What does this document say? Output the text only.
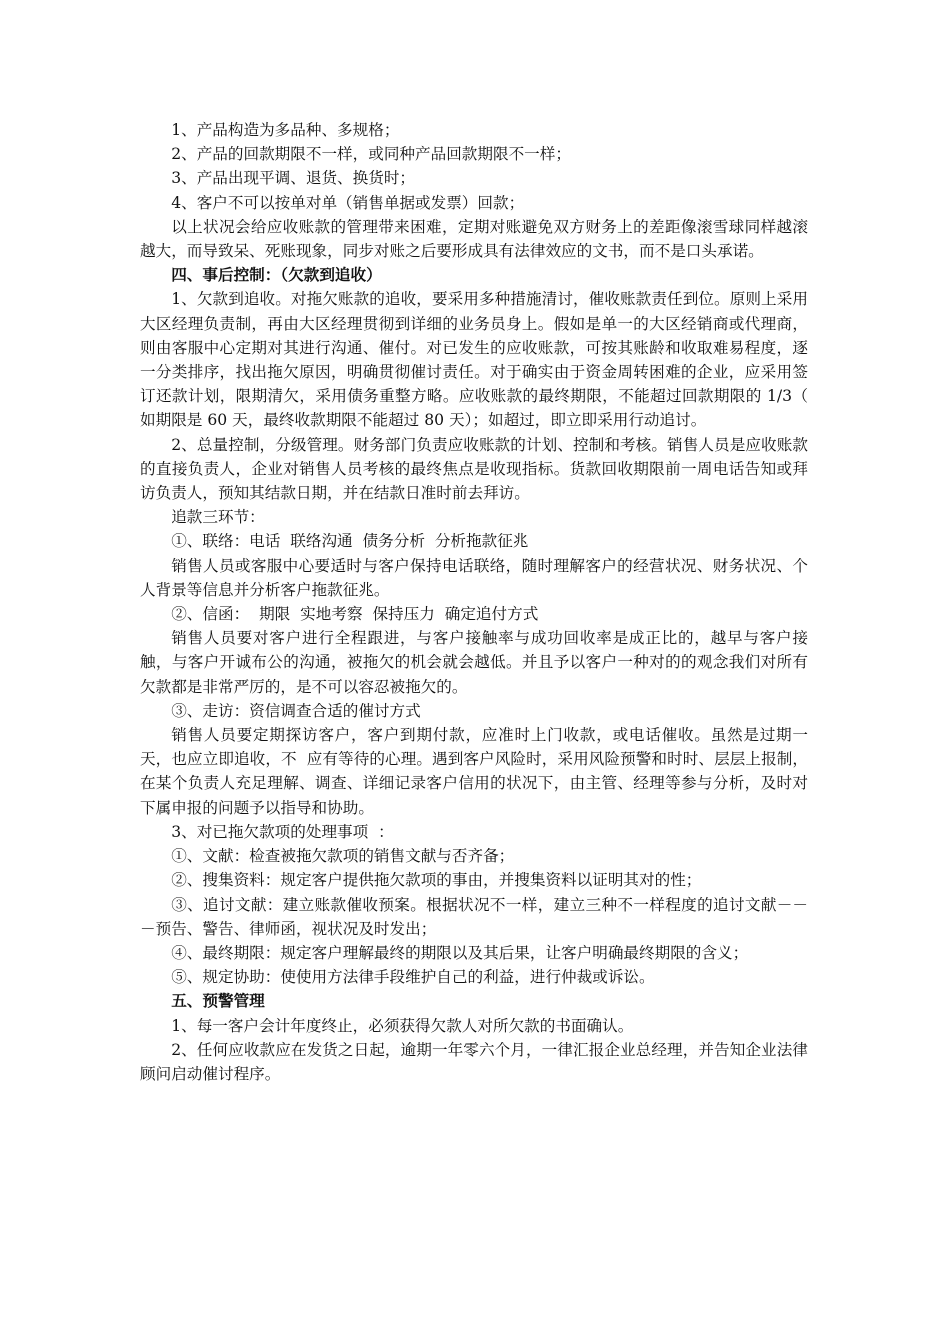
1、产品构造为多品种、多规格；

2、产品的回款期限不一样，或同种产品回款期限不一样；

3、产品出现平调、退货、换货时；

4、客户不可以按单对单（销售单据或发票）回款；

以上状况会给应收账款的管理带来困难，定期对账避免双方财务上的差距像滚雪球同样越滚越大，而导致呆、死账现象，同步对账之后要形成具有法律效应的文书，而不是口头承诺。

四、事后控制：（欠款到追收）

1、欠款到追收。对拖欠账款的追收，要采用多种措施清讨，催收账款责任到位。原则上采用大区经理负责制，再由大区经理贯彻到详细的业务员身上。假如是单一的大区经销商或代理商，则由客服中心定期对其进行沟通、催付。对已发生的应收账款，可按其账龄和收取难易程度，逐一分类排序，找出拖欠原因，明确贯彻催讨责任。对于确实由于资金周转困难的企业，应采用签订还款计划，限期清欠，采用债务重整方略。应收账款的最终期限，不能超过回款期限的 1/3（ 如期限是 60 天，最终收款期限不能超过 80 天）；如超过，即立即采用行动追讨。

2、总量控制，分级管理。财务部门负责应收账款的计划、控制和考核。销售人员是应收账款的直接负责人，企业对销售人员考核的最终焦点是收现指标。货款回收期限前一周电话告知或拜访负责人，预知其结款日期，并在结款日准时前去拜访。

追款三环节：

①、联络：电话  联络沟通  债务分析  分析拖款征兆

销售人员或客服中心要适时与客户保持电话联络，随时理解客户的经营状况、财务状况、个人背景等信息并分析客户拖款征兆。

②、信函：  期限  实地考察  保持压力  确定追付方式

销售人员要对客户进行全程跟进，与客户接触率与成功回收率是成正比的，越早与客户接触，与客户开诚布公的沟通，被拖欠的机会就会越低。并且予以客户一种对的的观念我们对所有欠款都是非常严厉的，是不可以容忍被拖欠的。

③、走访：资信调查合适的催讨方式

销售人员要定期探访客户，客户到期付款，应准时上门收款，或电话催收。虽然是过期一天，也应立即追收，不  应有等待的心理。遇到客户风险时，采用风险预警和时时、层层上报制，在某个负责人充足理解、调查、详细记录客户信用的状况下，由主管、经理等参与分析，及时对下属申报的问题予以指导和协助。

3、对已拖欠款项的处理事项  ：

①、文献：检查被拖欠款项的销售文献与否齐备；

②、搜集资料：规定客户提供拖欠款项的事由，并搜集资料以证明其对的性；

③、追讨文献：建立账款催收预案。根据状况不一样，建立三种不一样程度的追讨文献－－－预告、警告、律师函，视状况及时发出；

④、最终期限：规定客户理解最终的期限以及其后果，让客户明确最终期限的含义；

⑤、规定协助：使使用方法律手段维护自己的利益，进行仲裁或诉讼。

五、预警管理

1、每一客户会计年度终止，必须获得欠款人对所欠款的书面确认。

2、任何应收款应在发货之日起，逾期一年零六个月，一律汇报企业总经理，并告知企业法律顾问启动催讨程序。
